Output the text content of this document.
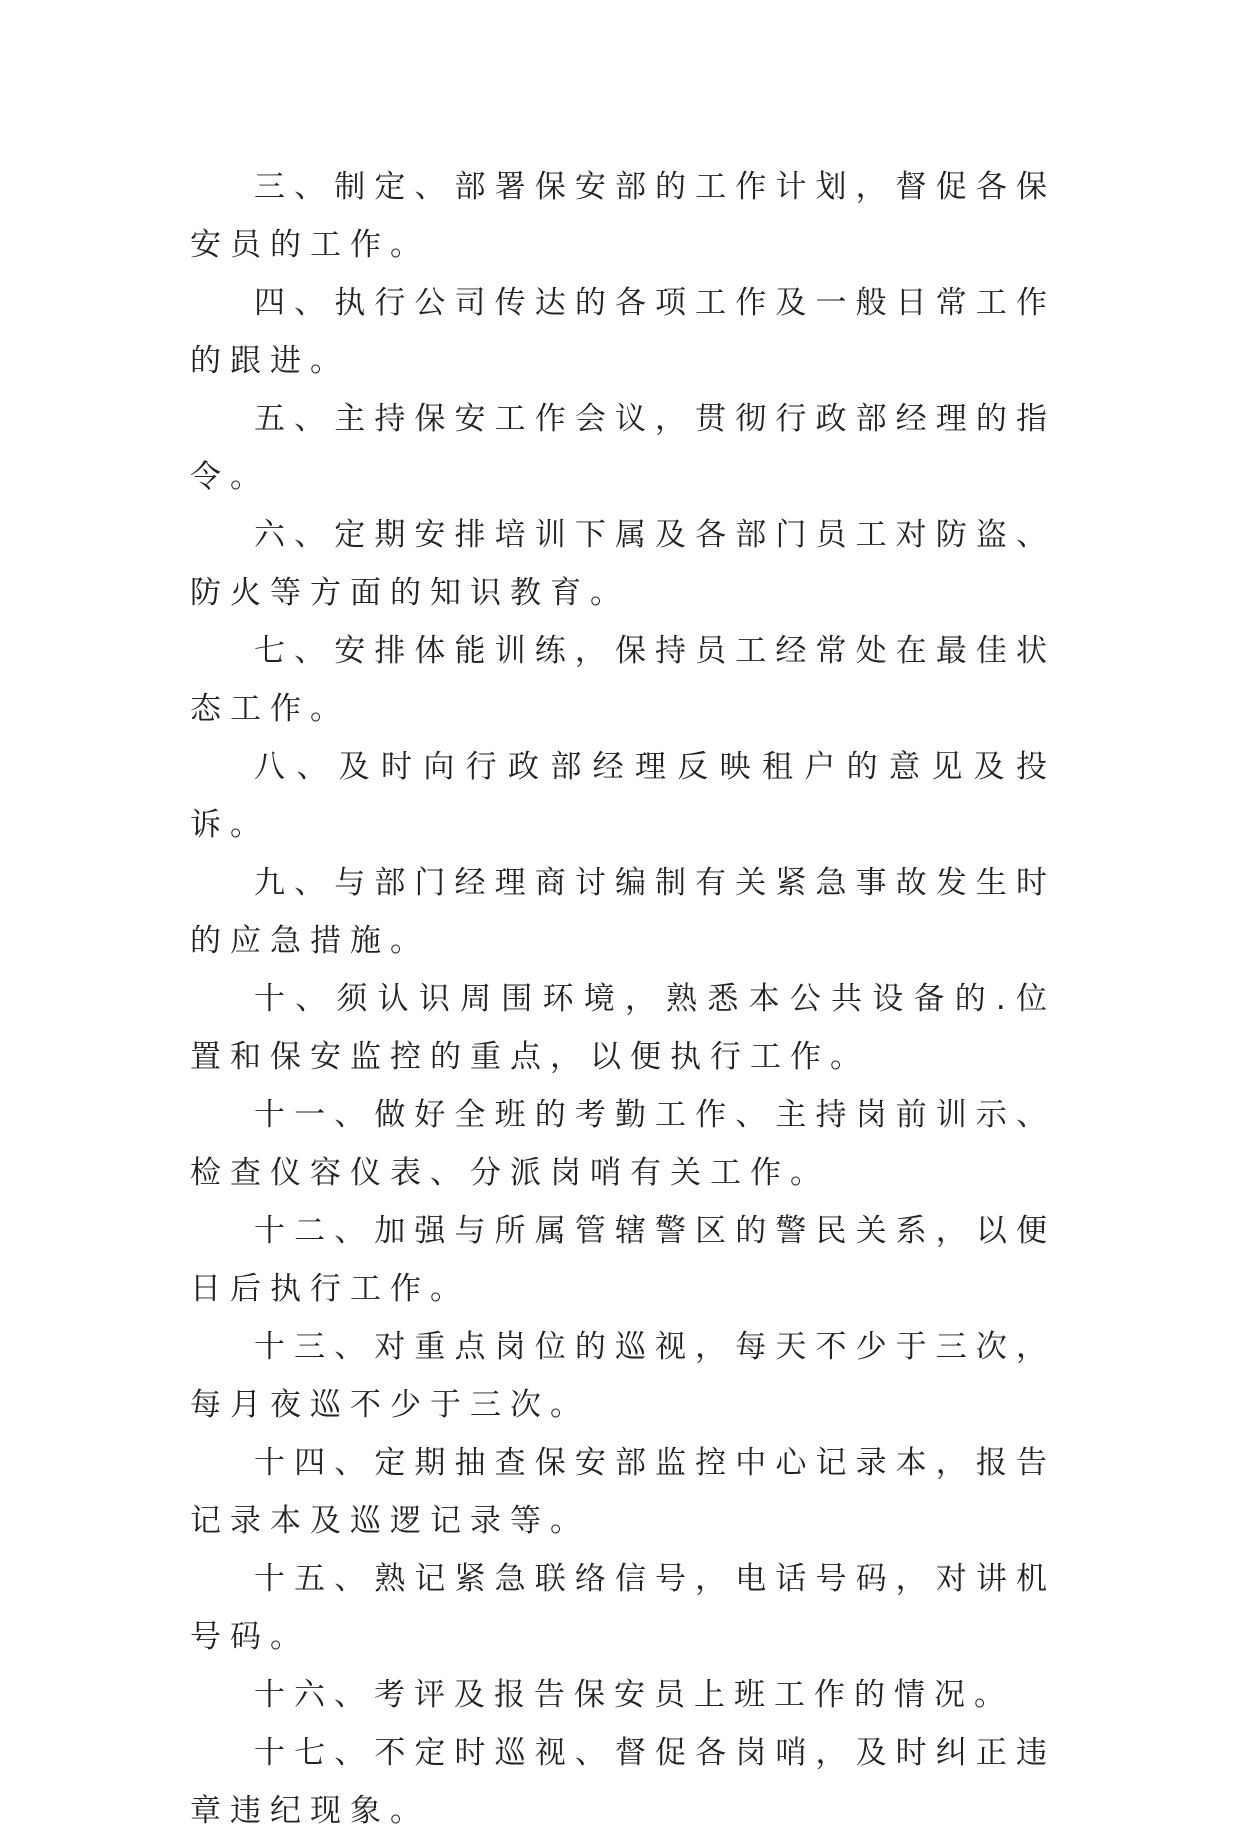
三、制定、部署保安部的工作计划，督促各保安员的工作。

四、执行公司传达的各项工作及一般日常工作的跟进。

五、主持保安工作会议，贯彻行政部经理的指令。

六、定期安排培训下属及各部门员工对防盗、防火等方面的知识教育。

七、安排体能训练，保持员工经常处在最佳状态工作。

八、及时向行政部经理反映租户的意见及投诉。

九、与部门经理商讨编制有关紧急事故发生时的应急措施。

十、须认识周围环境，熟悉本公共设备的.位置和保安监控的重点，以便执行工作。

十一、做好全班的考勤工作、主持岗前训示、检查仪容仪表、分派岗哨有关工作。

十二、加强与所属管辖警区的警民关系，以便日后执行工作。

十三、对重点岗位的巡视，每天不少于三次，每月夜巡不少于三次。

十四、定期抽查保安部监控中心记录本，报告记录本及巡逻记录等。

十五、熟记紧急联络信号，电话号码，对讲机号码。

十六、考评及报告保安员上班工作的情况。

十七、不定时巡视、督促各岗哨，及时纠正违章违纪现象。
